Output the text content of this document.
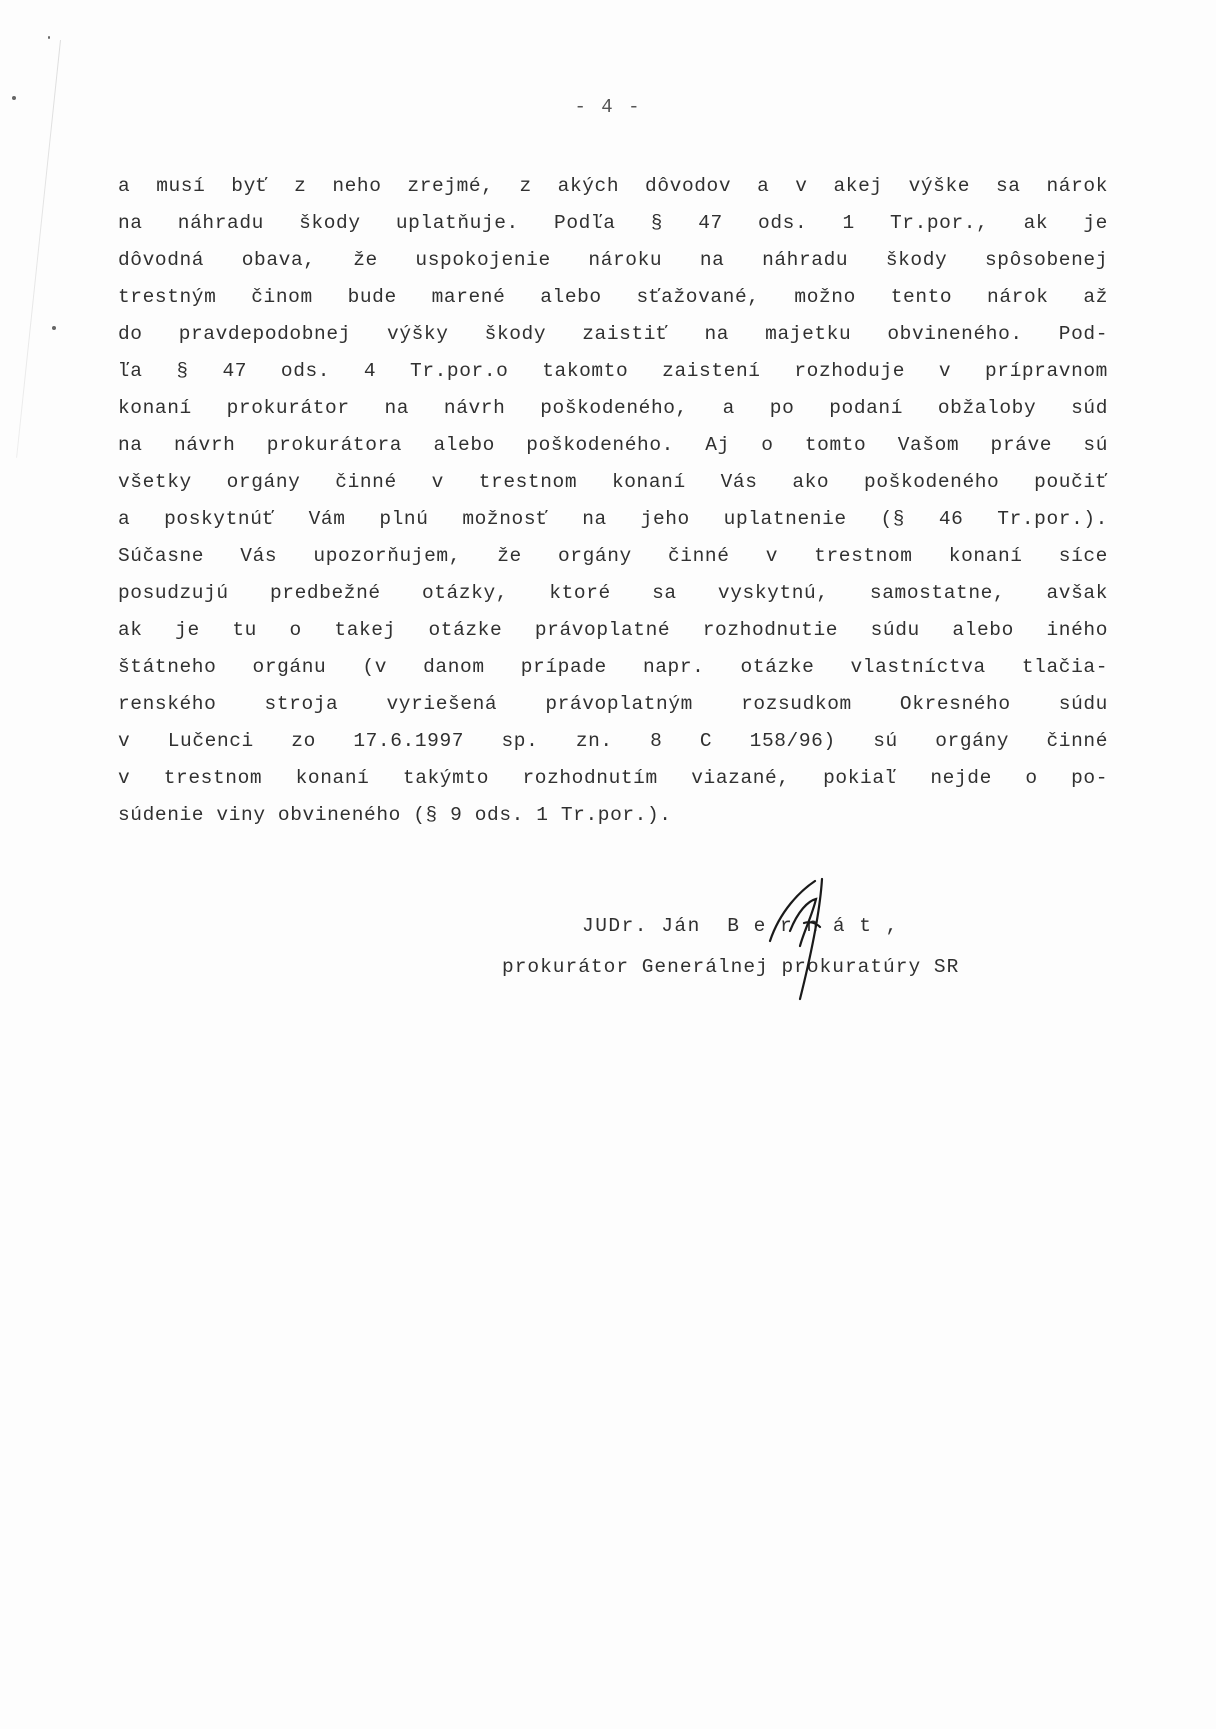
- 4 -
a musí byť z neho zrejmé, z akých dôvodov a v akej výške sa nárok
na náhradu škody uplatňuje. Podľa § 47 ods. 1 Tr.por., ak je
dôvodná obava, že uspokojenie nároku na náhradu škody spôsobenej
trestným činom bude marené alebo sťažované, možno tento nárok až
do pravdepodobnej výšky škody zaistiť na majetku obvineného. Pod-
ľa § 47 ods. 4 Tr.por.o takomto zaistení rozhoduje v prípravnom
konaní prokurátor na návrh poškodeného, a po podaní obžaloby súd
na návrh prokurátora alebo poškodeného. Aj o tomto Vašom práve sú
všetky orgány činné v trestnom konaní Vás ako poškodeného poučiť
a poskytnúť Vám plnú možnosť na jeho uplatnenie (§ 46 Tr.por.).
Súčasne Vás upozorňujem, že orgány činné v trestnom konaní síce
posudzujú predbežné otázky, ktoré sa vyskytnú, samostatne, avšak
ak je tu o takej otázke právoplatné rozhodnutie súdu alebo iného
štátneho orgánu (v danom prípade napr. otázke vlastníctva tlačia-
renského stroja vyriešená právoplatným rozsudkom Okresného súdu
v Lučenci zo 17.6.1997 sp. zn. 8 C 158/96) sú orgány činné
v trestnom konaní takýmto rozhodnutím viazané, pokiaľ nejde o po-
súdenie viny obvineného (§ 9 ods. 1 Tr.por.).
JUDr. Ján  B e r n á t ,
prokurátor Generálnej prokuratúry SR
